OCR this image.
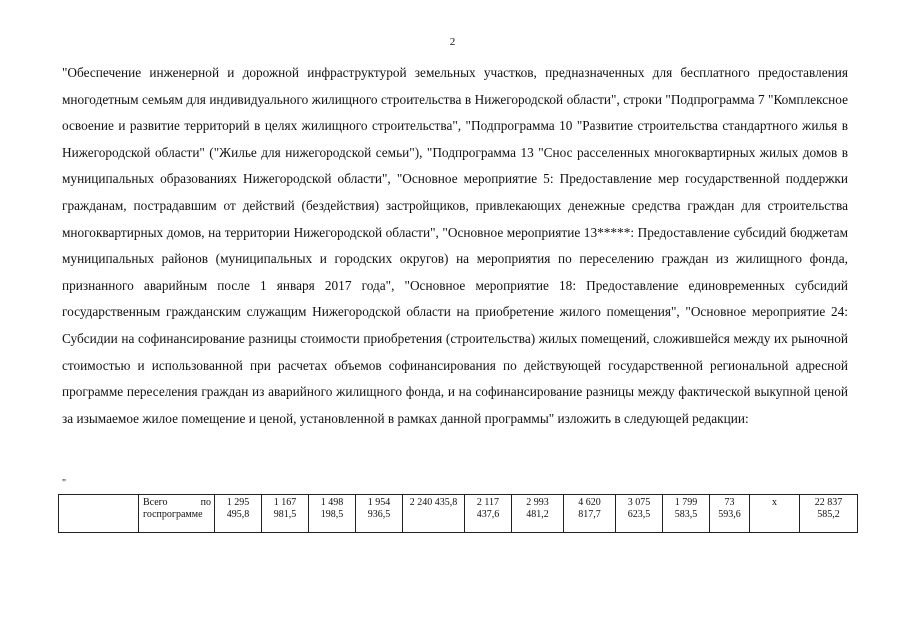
2
"Обеспечение инженерной и дорожной инфраструктурой земельных участков, предназначенных для бесплатного предоставления многодетным семьям для индивидуального жилищного строительства в Нижегородской области", строки "Подпрограмма 7 "Комплексное освоение и развитие территорий в целях жилищного строительства", "Подпрограмма 10 "Развитие строительства стандартного жилья в Нижегородской области" ("Жилье для нижегородской семьи"), "Подпрограмма 13 "Снос расселенных многоквартирных жилых домов в муниципальных образованиях Нижегородской области", "Основное мероприятие 5: Предоставление мер государственной поддержки гражданам, пострадавшим от действий (бездействия) застройщиков, привлекающих денежные средства граждан для строительства многоквартирных домов, на территории Нижегородской области", "Основное мероприятие 13*****: Предоставление субсидий бюджетам муниципальных районов (муниципальных и городских округов) на мероприятия по переселению граждан из жилищного фонда, признанного аварийным после 1 января 2017 года", "Основное мероприятие 18: Предоставление единовременных субсидий государственным гражданским служащим Нижегородской области на приобретение жилого помещения", "Основное мероприятие 24: Субсидии на софинансирование разницы стоимости приобретения (строительства) жилых помещений, сложившейся между их рыночной стоимостью и использованной при расчетах объемов софинансирования по действующей государственной региональной адресной программе переселения граждан из аварийного жилищного фонда, и на софинансирование разницы между фактической выкупной ценой за изымаемое жилое помещение и ценой, установленной в рамках данной программы" изложить в следующей редакции:
"
	Всего по госпрограмме	1 295 495,8	1 167 981,5	1 498 198,5	1 954 936,5	2 240 435,8	2 117 437,6	2 993 481,2	4 620 817,7	3 075 623,5	1 799 583,5	73 593,6	х	22 837 585,2
